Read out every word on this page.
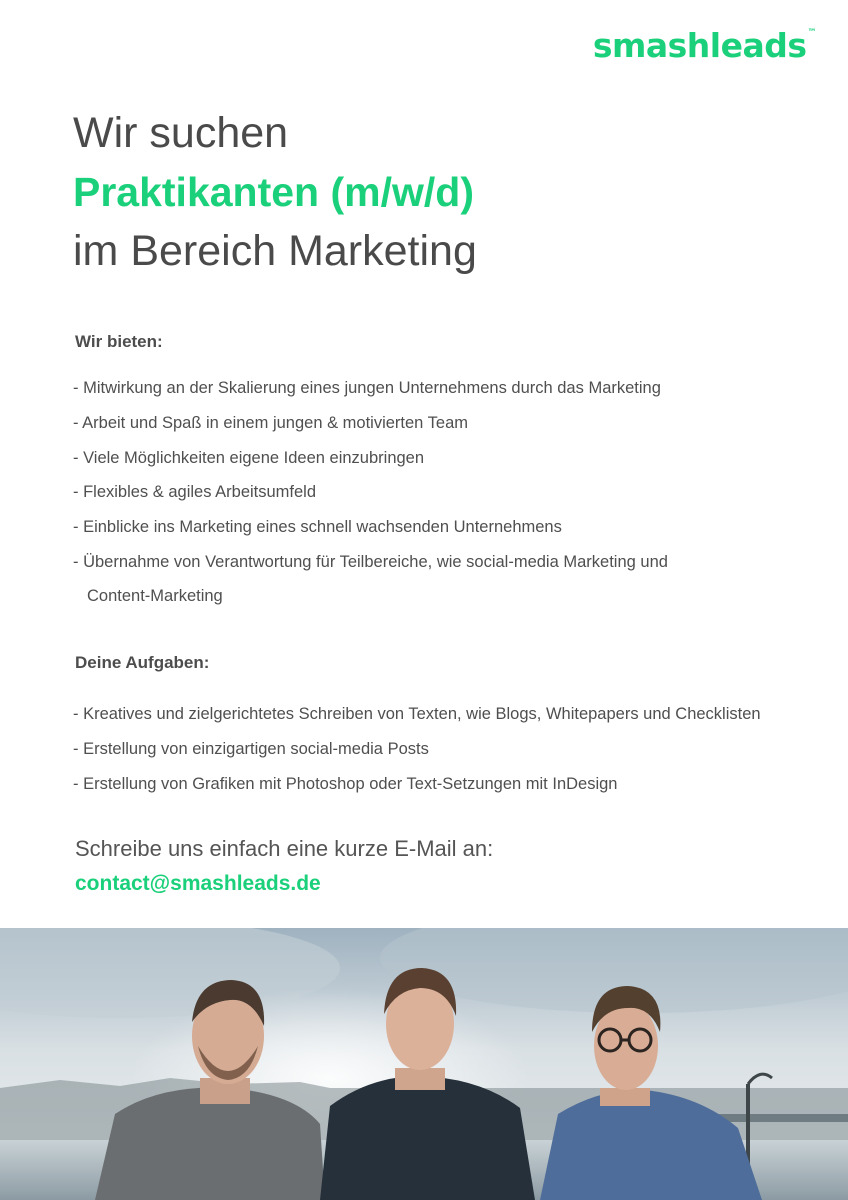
smashleads™
Wir suchen
Praktikanten (m/w/d)
im Bereich Marketing
Wir bieten:
- Mitwirkung an der Skalierung eines jungen Unternehmens durch das Marketing
- Arbeit und Spaß in einem jungen & motivierten Team
- Viele Möglichkeiten eigene Ideen einzubringen
- Flexibles & agiles Arbeitsumfeld
- Einblicke ins Marketing eines schnell wachsenden Unternehmens
- Übernahme von Verantwortung für Teilbereiche, wie social-media Marketing und
Content-Marketing
Deine Aufgaben:
- Kreatives und zielgerichtetes Schreiben von Texten, wie Blogs, Whitepapers und Checklisten
- Erstellung von einzigartigen social-media Posts
- Erstellung von Grafiken mit Photoshop oder Text-Setzungen mit InDesign
Schreibe uns einfach eine kurze E-Mail an:
contact@smashleads.de
